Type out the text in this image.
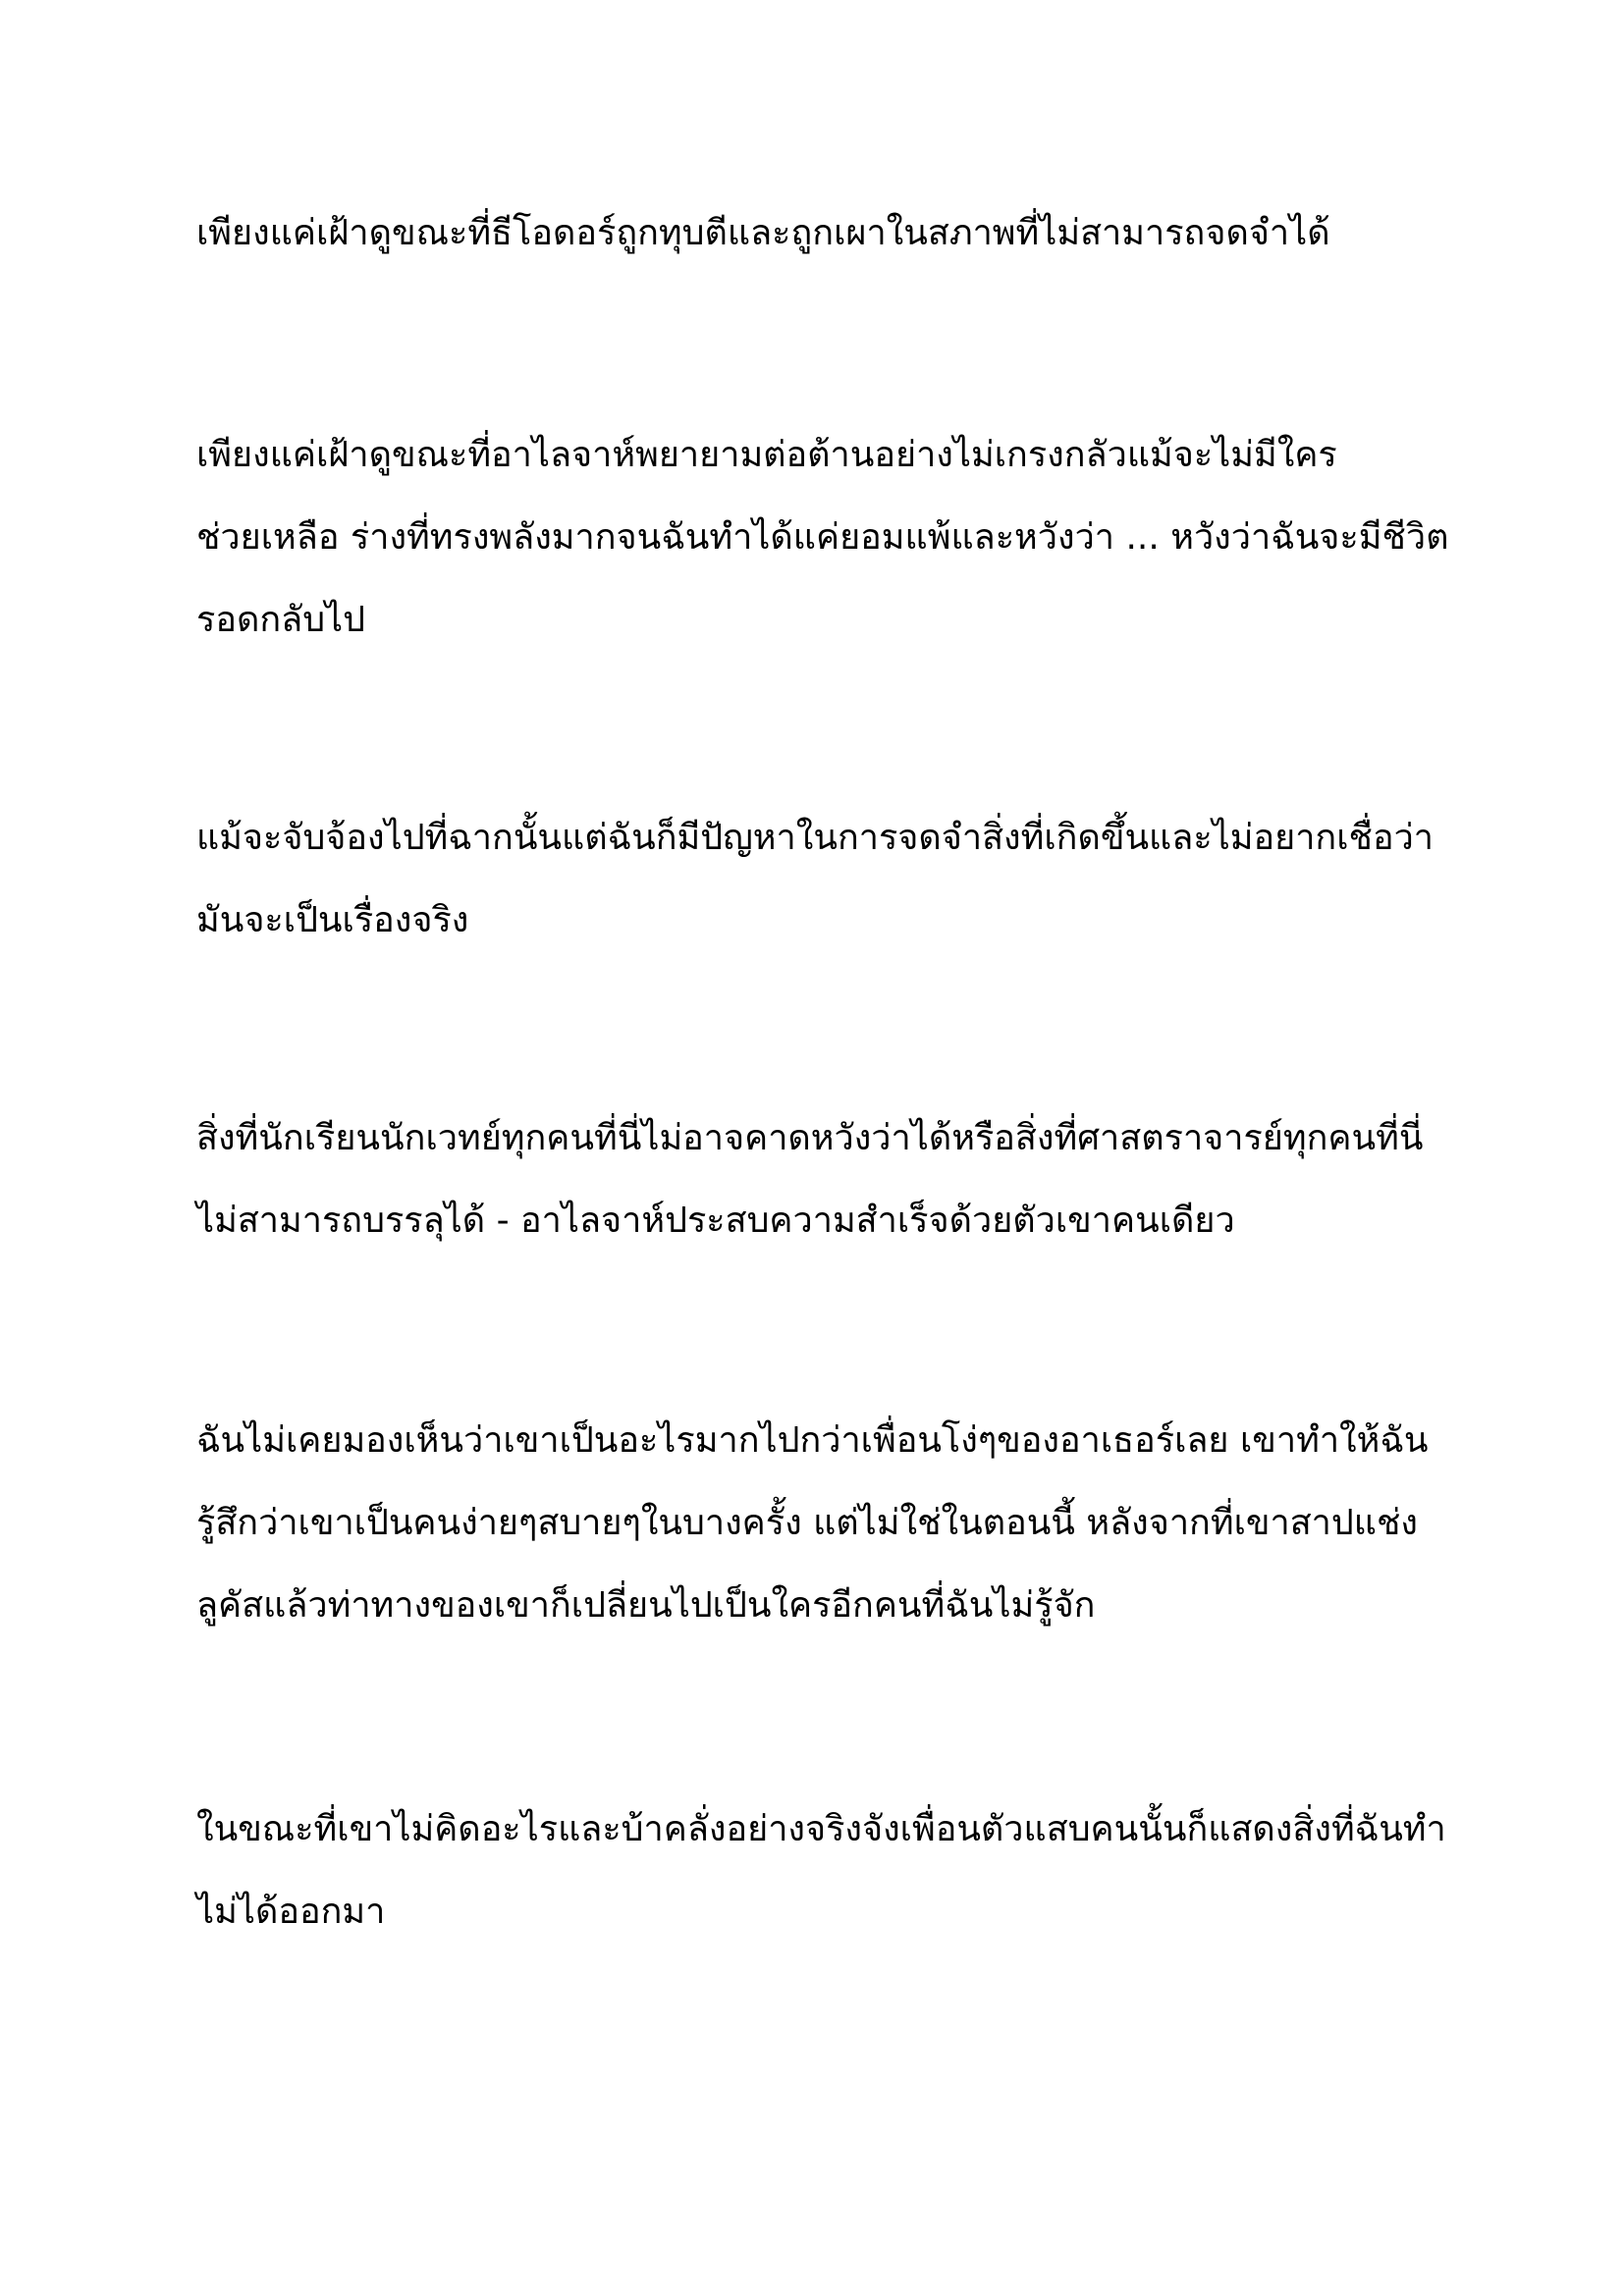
เพียงแค่เฝ้าดูขณะที่ธีโอดอร์ถูกทุบตีและถูกเผาในสภาพที่ไม่สามารถจดจำได้

เพียงแค่เฝ้าดูขณะที่อาไลจาห์พยายามต่อต้านอย่างไม่เกรงกลัวแม้จะไม่มีใคร
ช่วยเหลือ ร่างที่ทรงพลังมากจนฉันทำได้แค่ยอมแพ้และหวังว่า ... หวังว่าฉันจะมีชีวิต
รอดกลับไป

แม้จะจับจ้องไปที่ฉากนั้นแต่ฉันก็มีปัญหาในการจดจำสิ่งที่เกิดขึ้นและไม่อยากเชื่อว่า
มันจะเป็นเรื่องจริง

สิ่งที่นักเรียนนักเวทย์ทุกคนที่นี่ไม่อาจคาดหวังว่าได้หรือสิ่งที่ศาสตราจารย์ทุกคนที่นี่
ไม่สามารถบรรลุได้ - อาไลจาห์ประสบความสำเร็จด้วยตัวเขาคนเดียว

ฉันไม่เคยมองเห็นว่าเขาเป็นอะไรมากไปกว่าเพื่อนโง่ๆของอาเธอร์เลย เขาทำให้ฉัน
รู้สึกว่าเขาเป็นคนง่ายๆสบายๆในบางครั้ง แต่ไม่ใช่ในตอนนี้ หลังจากที่เขาสาปแช่ง
ลูคัสแล้วท่าทางของเขาก็เปลี่ยนไปเป็นใครอีกคนที่ฉันไม่รู้จัก

ในขณะที่เขาไม่คิดอะไรและบ้าคลั่งอย่างจริงจังเพื่อนตัวแสบคนนั้นก็แสดงสิ่งที่ฉันทำ
ไม่ได้ออกมา
